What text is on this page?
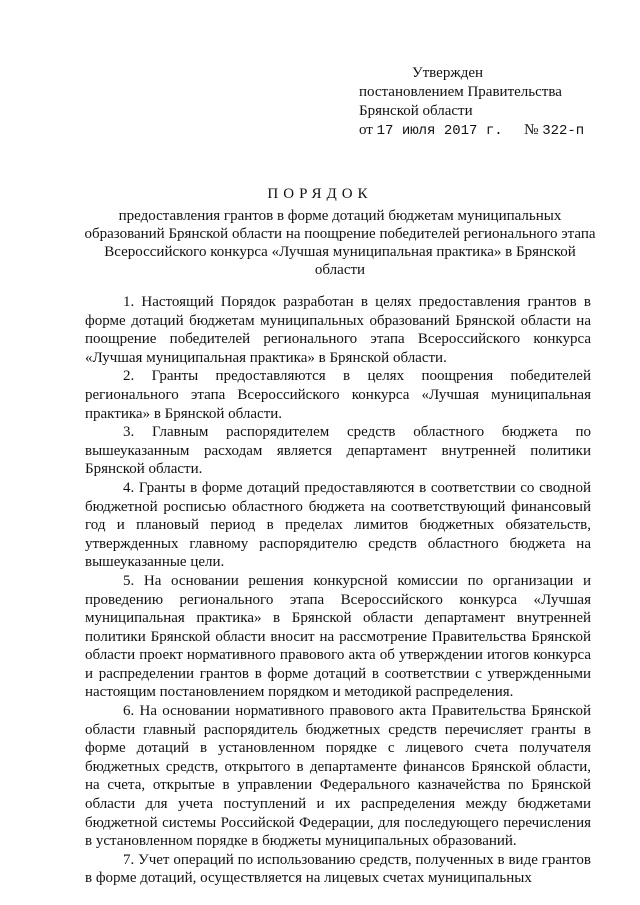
Утвержден
постановлением Правительства
Брянской области
от 17 июля 2017 г. № 322-п
ПОРЯДОК
предоставления грантов в форме дотаций бюджетам муниципальных образований Брянской области на поощрение победителей регионального этапа Всероссийского конкурса «Лучшая муниципальная практика» в Брянской области

1. Настоящий Порядок разработан в целях предоставления грантов в форме дотаций бюджетам муниципальных образований Брянской области на поощрение победителей регионального этапа Всероссийского конкурса «Лучшая муниципальная практика» в Брянской области.

2. Гранты предоставляются в целях поощрения победителей регионального этапа Всероссийского конкурса «Лучшая муниципальная практика» в Брянской области.

3. Главным распорядителем средств областного бюджета по вышеуказанным расходам является департамент внутренней политики Брянской области.

4. Гранты в форме дотаций предоставляются в соответствии со сводной бюджетной росписью областного бюджета на соответствующий финансовый год и плановый период в пределах лимитов бюджетных обязательств, утвержденных главному распорядителю средств областного бюджета на вышеуказанные цели.

5. На основании решения конкурсной комиссии по организации и проведению регионального этапа Всероссийского конкурса «Лучшая муниципальная практика» в Брянской области департамент внутренней политики Брянской области вносит на рассмотрение Правительства Брянской области проект нормативного правового акта об утверждении итогов конкурса и распределении грантов в форме дотаций в соответствии с утвержденными настоящим постановлением порядком и методикой распределения.

6. На основании нормативного правового акта Правительства Брянской области главный распорядитель бюджетных средств перечисляет гранты в форме дотаций в установленном порядке с лицевого счета получателя бюджетных средств, открытого в департаменте финансов Брянской области, на счета, открытые в управлении Федерального казначейства по Брянской области для учета поступлений и их распределения между бюджетами бюджетной системы Российской Федерации, для последующего перечисления в установленном порядке в бюджеты муниципальных образований.

7. Учет операций по использованию средств, полученных в виде грантов в форме дотаций, осуществляется на лицевых счетах муниципальных
